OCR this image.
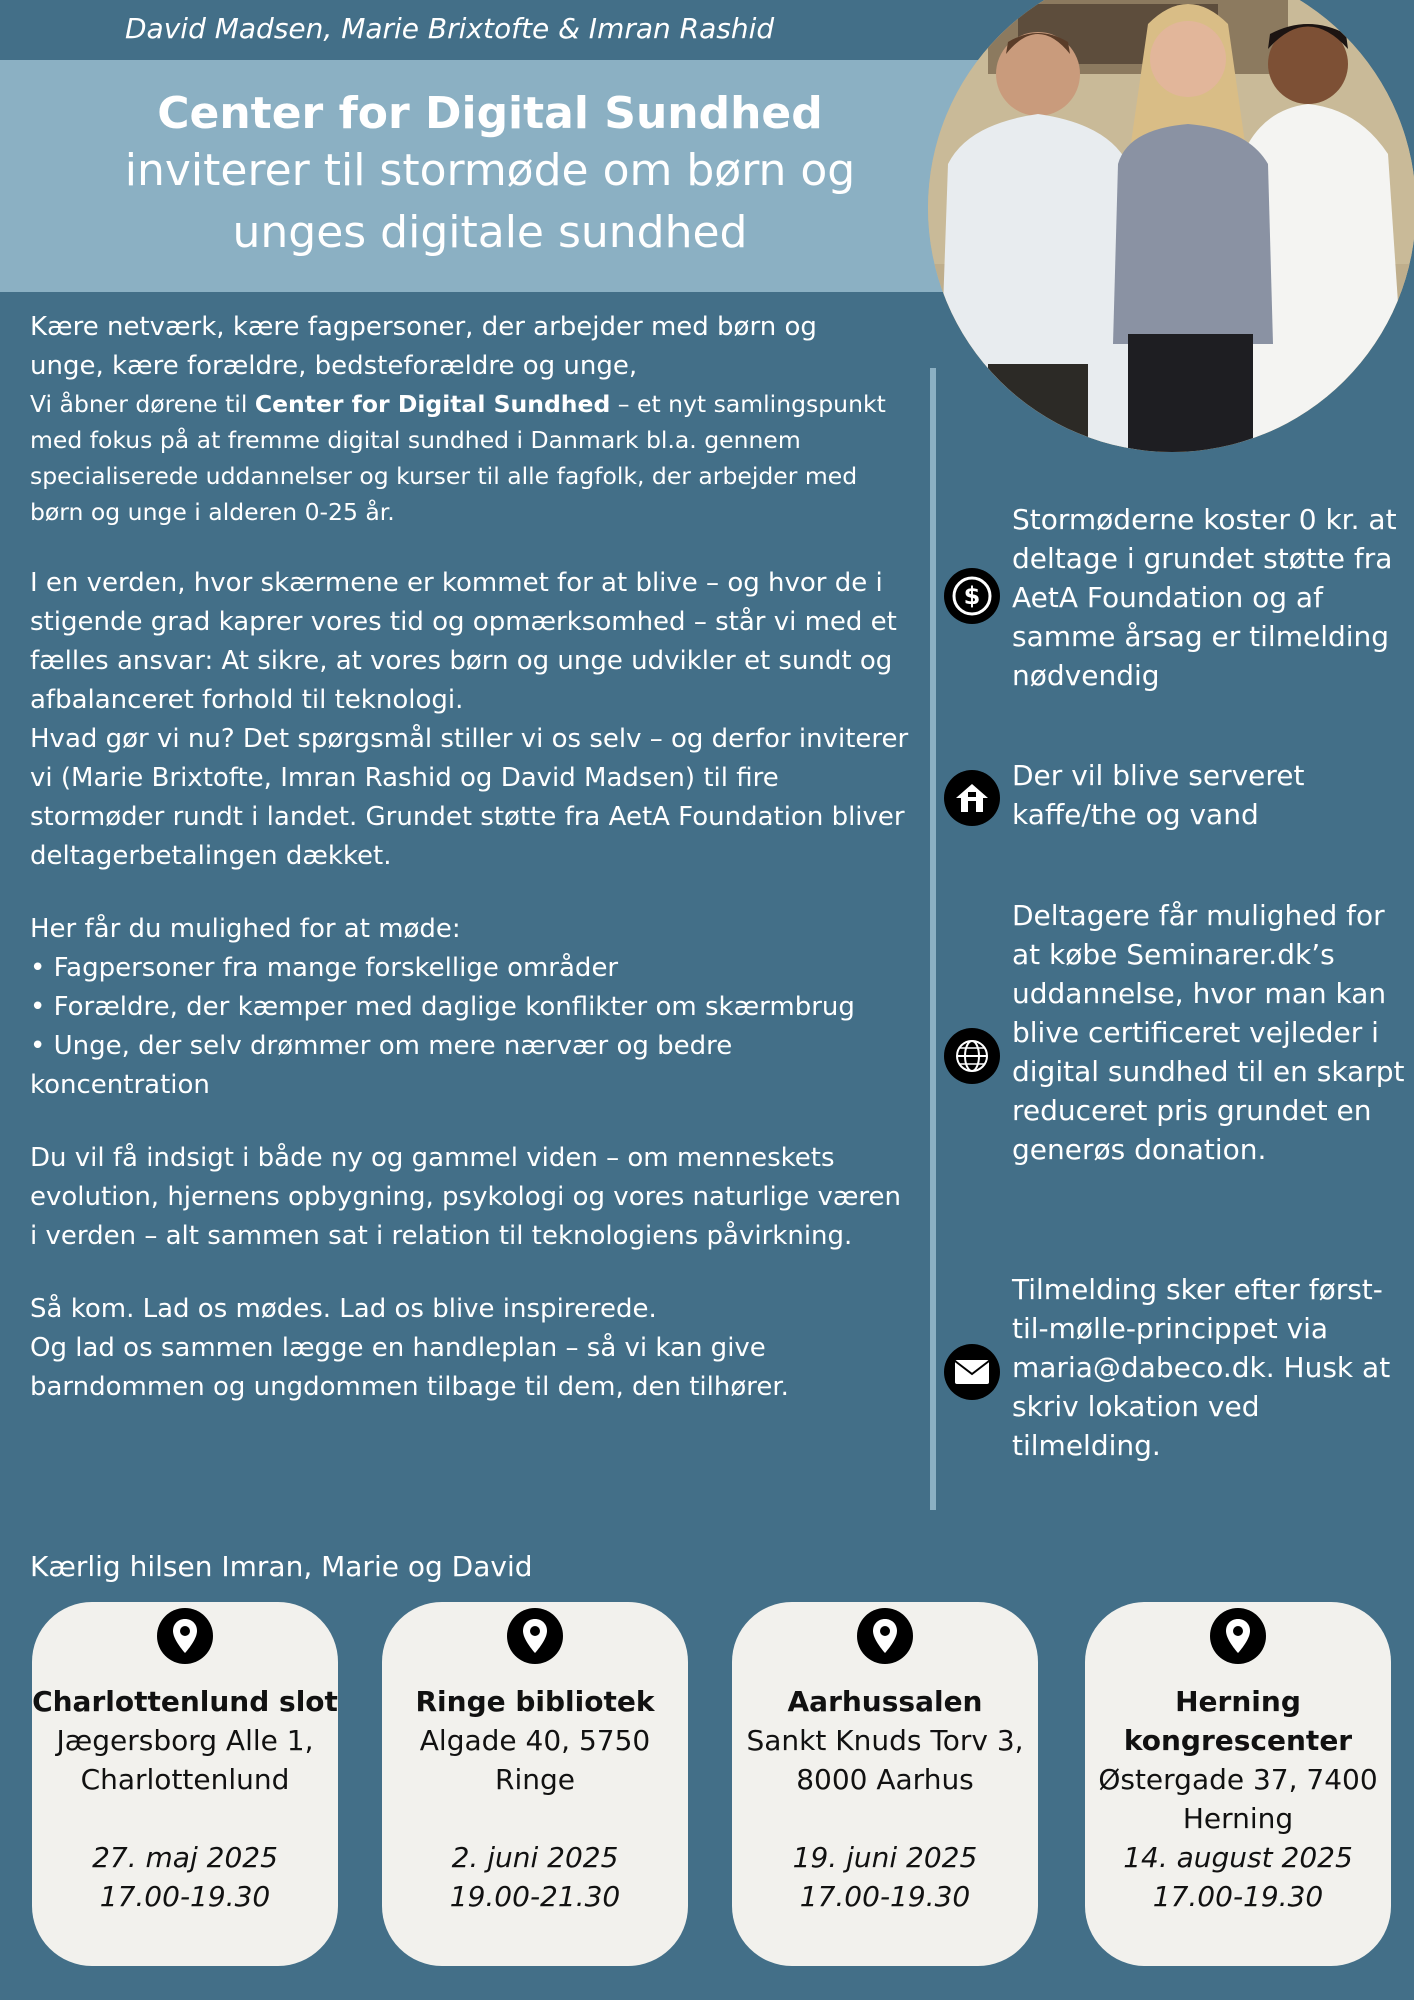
David Madsen, Marie Brixtofte & Imran Rashid
Center for Digital Sundhed
inviterer til stormøde om børn og
unges digitale sundhed
Kære netværk, kære fagpersoner, der arbejder med børn og
unge, kære forældre, bedsteforældre og unge,
Vi åbner dørene til Center for Digital Sundhed – et nyt samlingspunkt med fokus på at fremme digital sundhed i Danmark bl.a. gennem specialiserede uddannelser og kurser til alle fagfolk, der arbejder med børn og unge i alderen 0-25 år.
I en verden, hvor skærmene er kommet for at blive – og hvor de i stigende grad kaprer vores tid og opmærksomhed – står vi med et fælles ansvar: At sikre, at vores børn og unge udvikler et sundt og afbalanceret forhold til teknologi.
Hvad gør vi nu? Det spørgsmål stiller vi os selv – og derfor inviterer vi (Marie Brixtofte, Imran Rashid og David Madsen) til fire stormøder rundt i landet. Grundet støtte fra AetA Foundation bliver deltagerbetalingen dækket.
Her får du mulighed for at møde:
• Fagpersoner fra mange forskellige områder
• Forældre, der kæmper med daglige konflikter om skærmbrug
• Unge, der selv drømmer om mere nærvær og bedre koncentration
Du vil få indsigt i både ny og gammel viden – om menneskets evolution, hjernens opbygning, psykologi og vores naturlige væren i verden – alt sammen sat i relation til teknologiens påvirkning.
Så kom. Lad os mødes. Lad os blive inspirerede.
Og lad os sammen lægge en handleplan – så vi kan give barndommen og ungdommen tilbage til dem, den tilhører.
$
Stormøderne koster 0 kr. at deltage i grundet støtte fra AetA Foundation og af samme årsag er tilmelding nødvendig
Der vil blive serveret kaffe/the og vand
Deltagere får mulighed for at købe Seminarer.dk’s uddannelse, hvor man kan blive certificeret vejleder i digital sundhed til en skarpt reduceret pris grundet en generøs donation.
Tilmelding sker efter først-til-mølle-princippet via maria@dabeco.dk. Husk at skriv lokation ved tilmelding.
Kærlig hilsen Imran, Marie og David
Charlottenlund slot
Jægersborg Alle 1, Charlottenlund
27. maj 2025
17.00-19.30
Ringe bibliotek
Algade 40, 5750 Ringe
2. juni 2025
19.00-21.30
Aarhussalen
Sankt Knuds Torv 3, 8000 Aarhus
19. juni 2025
17.00-19.30
Herning kongrescenter
Østergade 37, 7400 Herning
14. august 2025
17.00-19.30
